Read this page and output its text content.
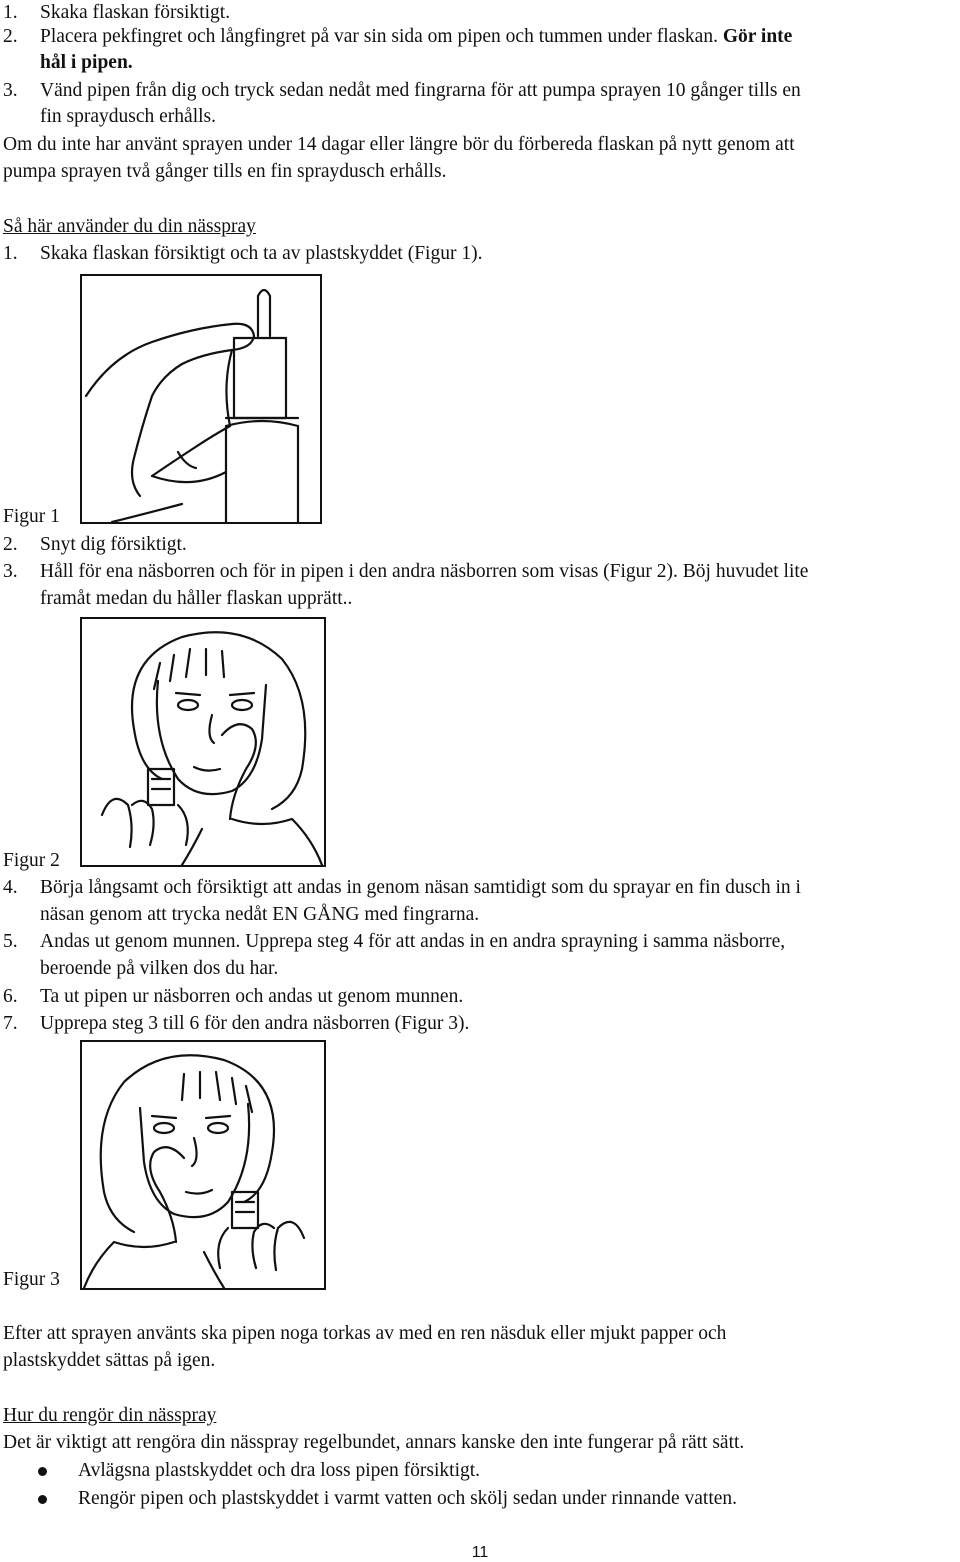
1. Skaka flaskan försiktigt.
2. Placera pekfingret och långfingret på var sin sida om pipen och tummen under flaskan. Gör inte
hål i pipen.
3. Vänd pipen från dig och tryck sedan nedåt med fingrarna för att pumpa sprayen 10 gånger tills en
fin spraydusch erhålls.
Om du inte har använt sprayen under 14 dagar eller längre bör du förbereda flaskan på nytt genom att
pumpa sprayen två gånger tills en fin spraydusch erhålls.
Så här använder du din nässpray
1. Skaka flaskan försiktigt och ta av plastskyddet (Figur 1).
Figur 1
2. Snyt dig försiktigt.
3. Håll för ena näsborren och för in pipen i den andra näsborren som visas (Figur 2). Böj huvudet lite
framåt medan du håller flaskan upprätt..
Figur 2
4. Börja långsamt och försiktigt att andas in genom näsan samtidigt som du sprayar en fin dusch in i
näsan genom att trycka nedåt EN GÅNG med fingrarna.
5. Andas ut genom munnen. Upprepa steg 4 för att andas in en andra sprayning i samma näsborre,
beroende på vilken dos du har.
6. Ta ut pipen ur näsborren och andas ut genom munnen.
7. Upprepa steg 3 till 6 för den andra näsborren (Figur 3).
Figur 3
Efter att sprayen använts ska pipen noga torkas av med en ren näsduk eller mjukt papper och
plastskyddet sättas på igen.
Hur du rengör din nässpray
Det är viktigt att rengöra din nässpray regelbundet, annars kanske den inte fungerar på rätt sätt.
Avlägsna plastskyddet och dra loss pipen försiktigt.
Rengör pipen och plastskyddet i varmt vatten och skölj sedan under rinnande vatten.
11
